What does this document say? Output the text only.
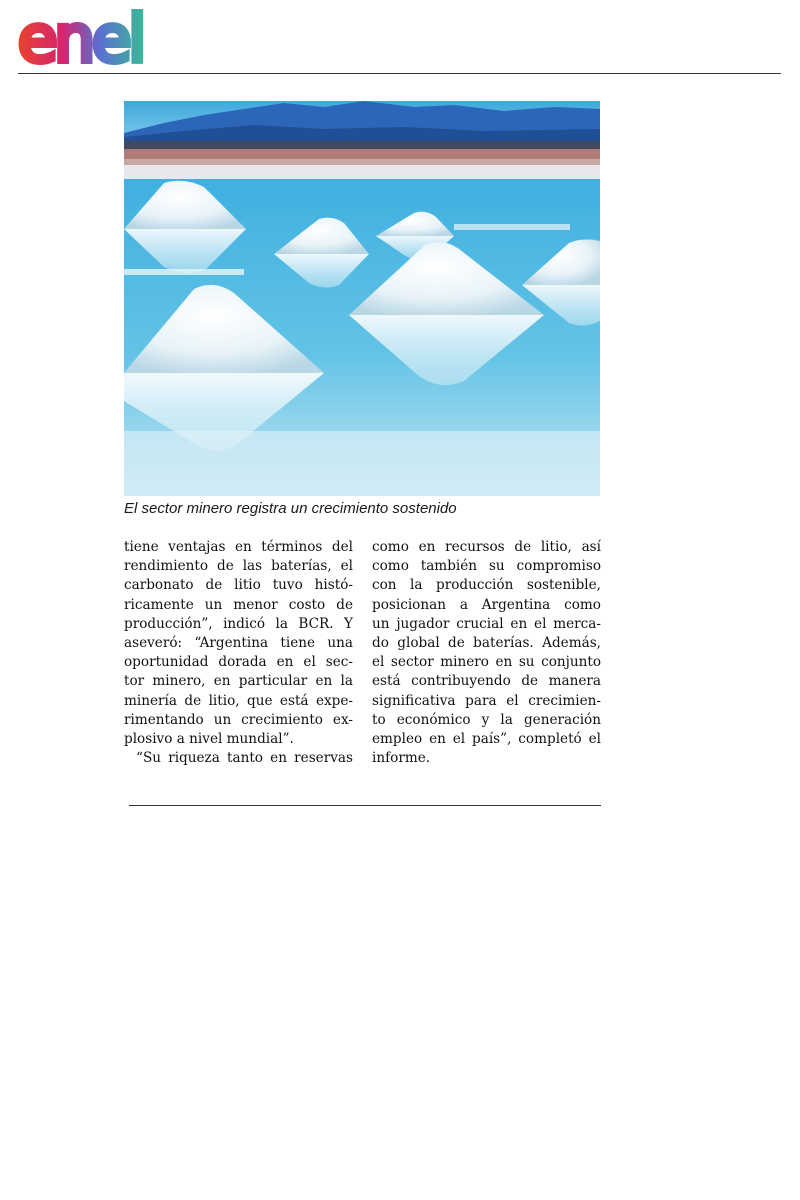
enel
El sector minero registra un crecimiento sostenido
tiene ventajas en términos del
rendimiento de las baterías, el
carbonato de litio tuvo histó-
ricamente un menor costo de
producción”, indicó la BCR. Y
aseveró: “Argentina tiene una
oportunidad dorada en el sec-
tor minero, en particular en la
minería de litio, que está expe-
rimentando un crecimiento ex-
plosivo a nivel mundial”.
“Su riqueza tanto en reservas
como en recursos de litio, así
como también su compromiso
con la producción sostenible,
posicionan a Argentina como
un jugador crucial en el merca-
do global de baterías. Además,
el sector minero en su conjunto
está contribuyendo de manera
significativa para el crecimien-
to económico y la generación
empleo en el país”, completó el
informe.
